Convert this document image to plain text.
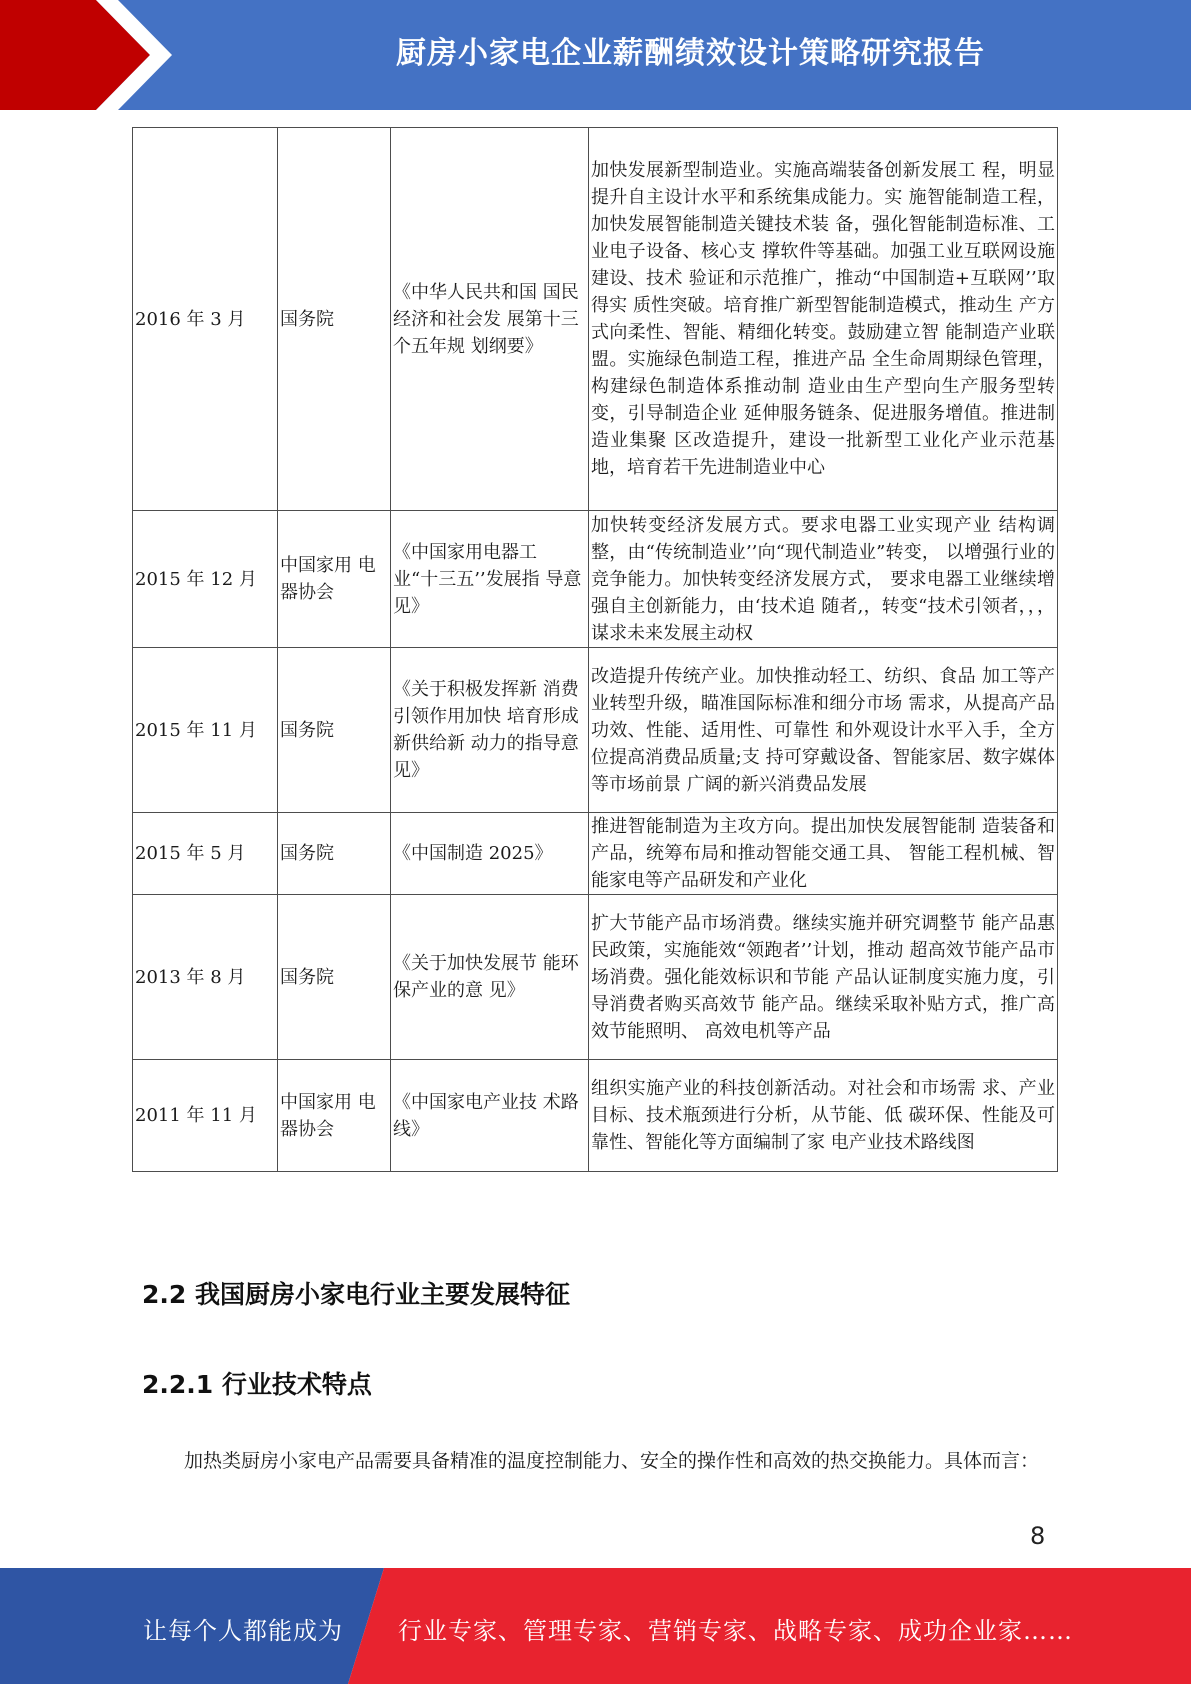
厨房小家电企业薪酬绩效设计策略研究报告
2016 年 3 月	国务院	《中华人民共和国 国民经济和社会发 展第十三个五年规 划纲要》	加快发展新型制造业。实施高端装备创新发展工 程，明显提升自主设计水平和系统集成能力。实 施智能制造工程，加快发展智能制造关键技术装 备，强化智能制造标准、工业电子设备、核心支 撑软件等基础。加强工业互联网设施建设、技术 验证和示范推广，推动“中国制造+互联网’’取得实 质性突破。培育推广新型智能制造模式，推动生 产方式向柔性、智能、精细化转变。鼓励建立智 能制造产业联盟。实施绿色制造工程，推进产品 全生命周期绿色管理，构建绿色制造体系推动制 造业由生产型向生产服务型转变，引导制造企业 延伸服务链条、促进服务增值。推进制造业集聚 区改造提升，建设一批新型工业化产业示范基地，培育若干先进制造业中心
2015 年 12 月	中国家用 电器协会	《中国家用电器工 业“十三五’’发展指 导意见》	加快转变经济发展方式。要求电器工业实现产业 结构调整，由“传统制造业’’向“现代制造业”转变， 以增强行业的竞争能力。加快转变经济发展方式， 要求电器工业继续增强自主创新能力，由‘技术追 随者,，转变“技术引领者，，，谋求未来发展主动权
2015 年 11 月	国务院	《关于积极发挥新 消费引领作用加快 培育形成新供给新 动力的指导意见》	改造提升传统产业。加快推动轻工、纺织、食品 加工等产业转型升级，瞄准国际标准和细分市场 需求，从提高产品功效、性能、适用性、可靠性 和外观设计水平入手，全方位提高消费品质量;支 持可穿戴设备、智能家居、数字媒体等市场前景 广阔的新兴消费品发展
2015 年 5 月	国务院	《中国制造 2025》	推进智能制造为主攻方向。提出加快发展智能制 造装备和产品，统筹布局和推动智能交通工具、 智能工程机械、智能家电等产品研发和产业化
2013 年 8 月	国务院	《关于加快发展节 能环保产业的意 见》	扩大节能产品市场消费。继续实施并研究调整节 能产品惠民政策，实施能效“领跑者’’计划，推动 超高效节能产品市场消费。强化能效标识和节能 产品认证制度实施力度，引导消费者购买高效节 能产品。继续采取补贴方式，推广高效节能照明、 高效电机等产品
2011 年 11 月	中国家用 电器协会	《中国家电产业技 术路线》	组织实施产业的科技创新活动。对社会和市场需 求、产业目标、技术瓶颈进行分析，从节能、低 碳环保、性能及可靠性、智能化等方面编制了家 电产业技术路线图
2.2 我国厨房小家电行业主要发展特征
2.2.1 行业技术特点
加热类厨房小家电产品需要具备精准的温度控制能力、安全的操作性和高效的热交换能力。具体而言：
8
让每个人都能成为 行业专家、管理专家、营销专家、战略专家、成功企业家……
